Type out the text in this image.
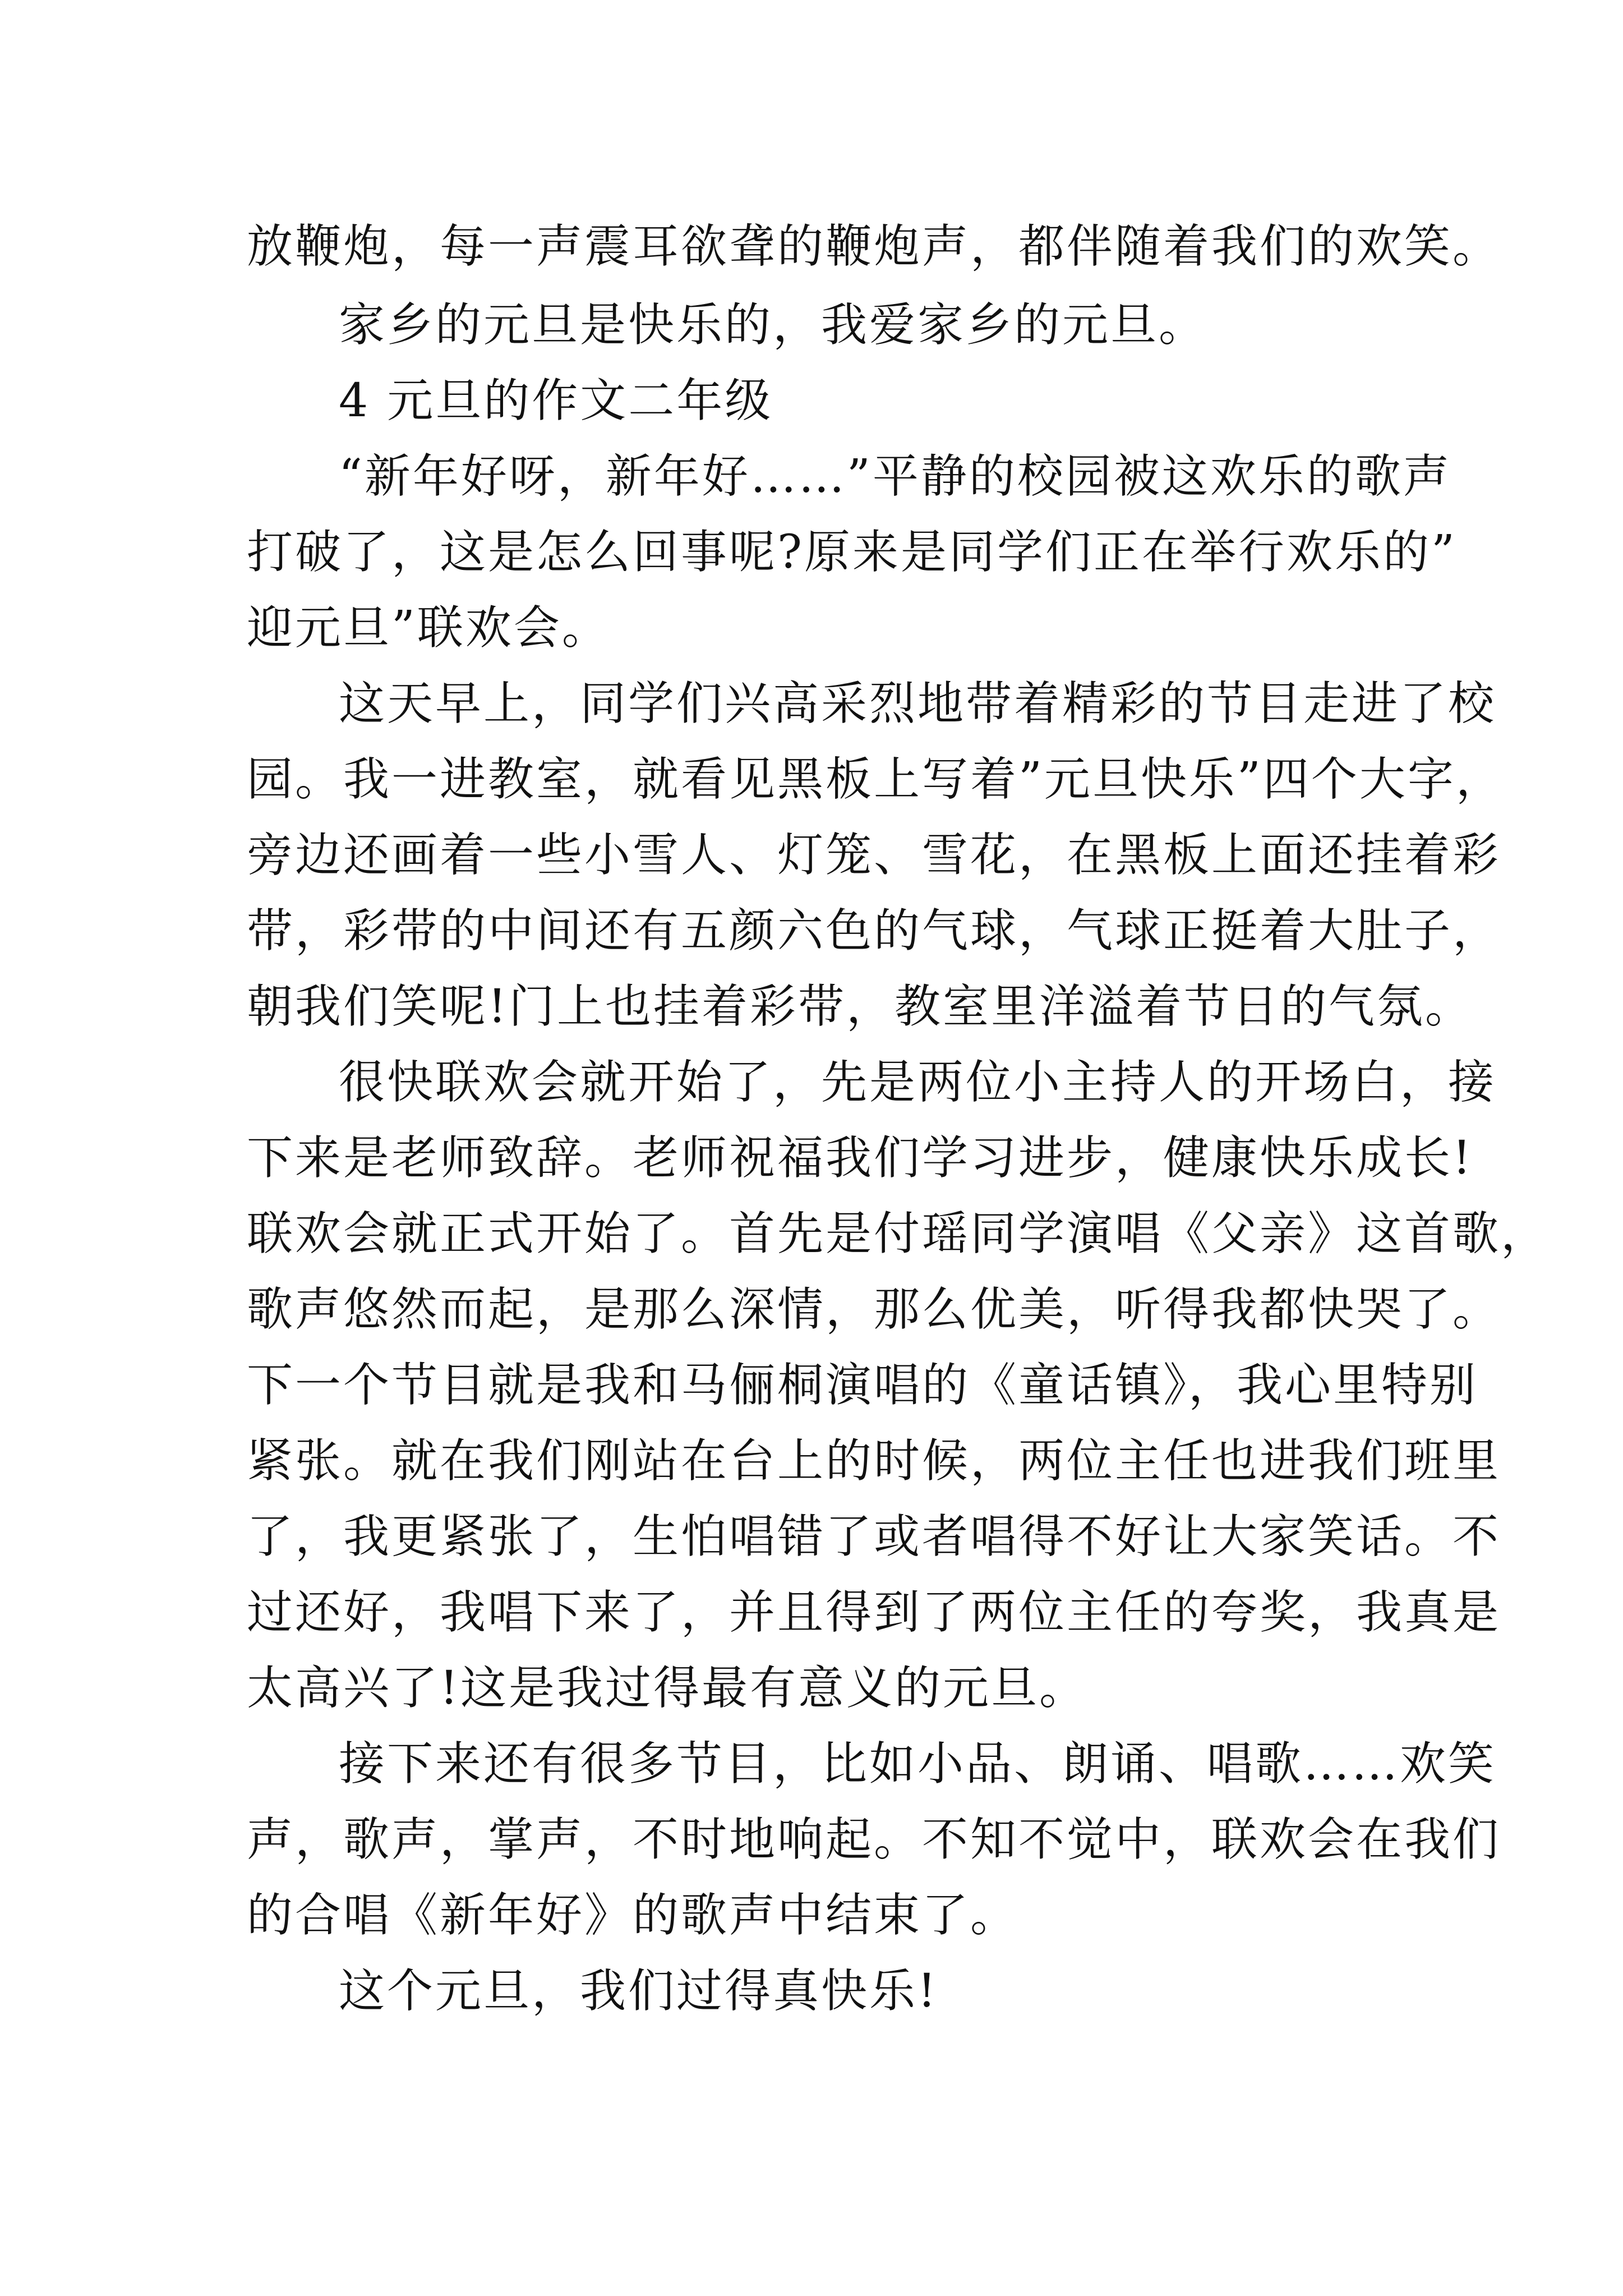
放鞭炮，每一声震耳欲聋的鞭炮声，都伴随着我们的欢笑。
家乡的元旦是快乐的，我爱家乡的元旦。
4 元旦的作文二年级
“新年好呀，新年好……”平静的校园被这欢乐的歌声
打破了，这是怎么回事呢?原来是同学们正在举行欢乐的”
迎元旦”联欢会。
这天早上，同学们兴高采烈地带着精彩的节目走进了校
园。我一进教室，就看见黑板上写着”元旦快乐”四个大字，
旁边还画着一些小雪人、灯笼、雪花，在黑板上面还挂着彩
带，彩带的中间还有五颜六色的气球，气球正挺着大肚子，
朝我们笑呢!门上也挂着彩带，教室里洋溢着节日的气氛。
很快联欢会就开始了，先是两位小主持人的开场白，接
下来是老师致辞。老师祝福我们学习进步，健康快乐成长!
联欢会就正式开始了。首先是付瑶同学演唱《父亲》这首歌，
歌声悠然而起，是那么深情，那么优美，听得我都快哭了。
下一个节目就是我和马俪桐演唱的《童话镇》，我心里特别
紧张。就在我们刚站在台上的时候，两位主任也进我们班里
了，我更紧张了，生怕唱错了或者唱得不好让大家笑话。不
过还好，我唱下来了，并且得到了两位主任的夸奖，我真是
太高兴了!这是我过得最有意义的元旦。
接下来还有很多节目，比如小品、朗诵、唱歌……欢笑
声，歌声，掌声，不时地响起。不知不觉中，联欢会在我们
的合唱《新年好》的歌声中结束了。
这个元旦，我们过得真快乐!
